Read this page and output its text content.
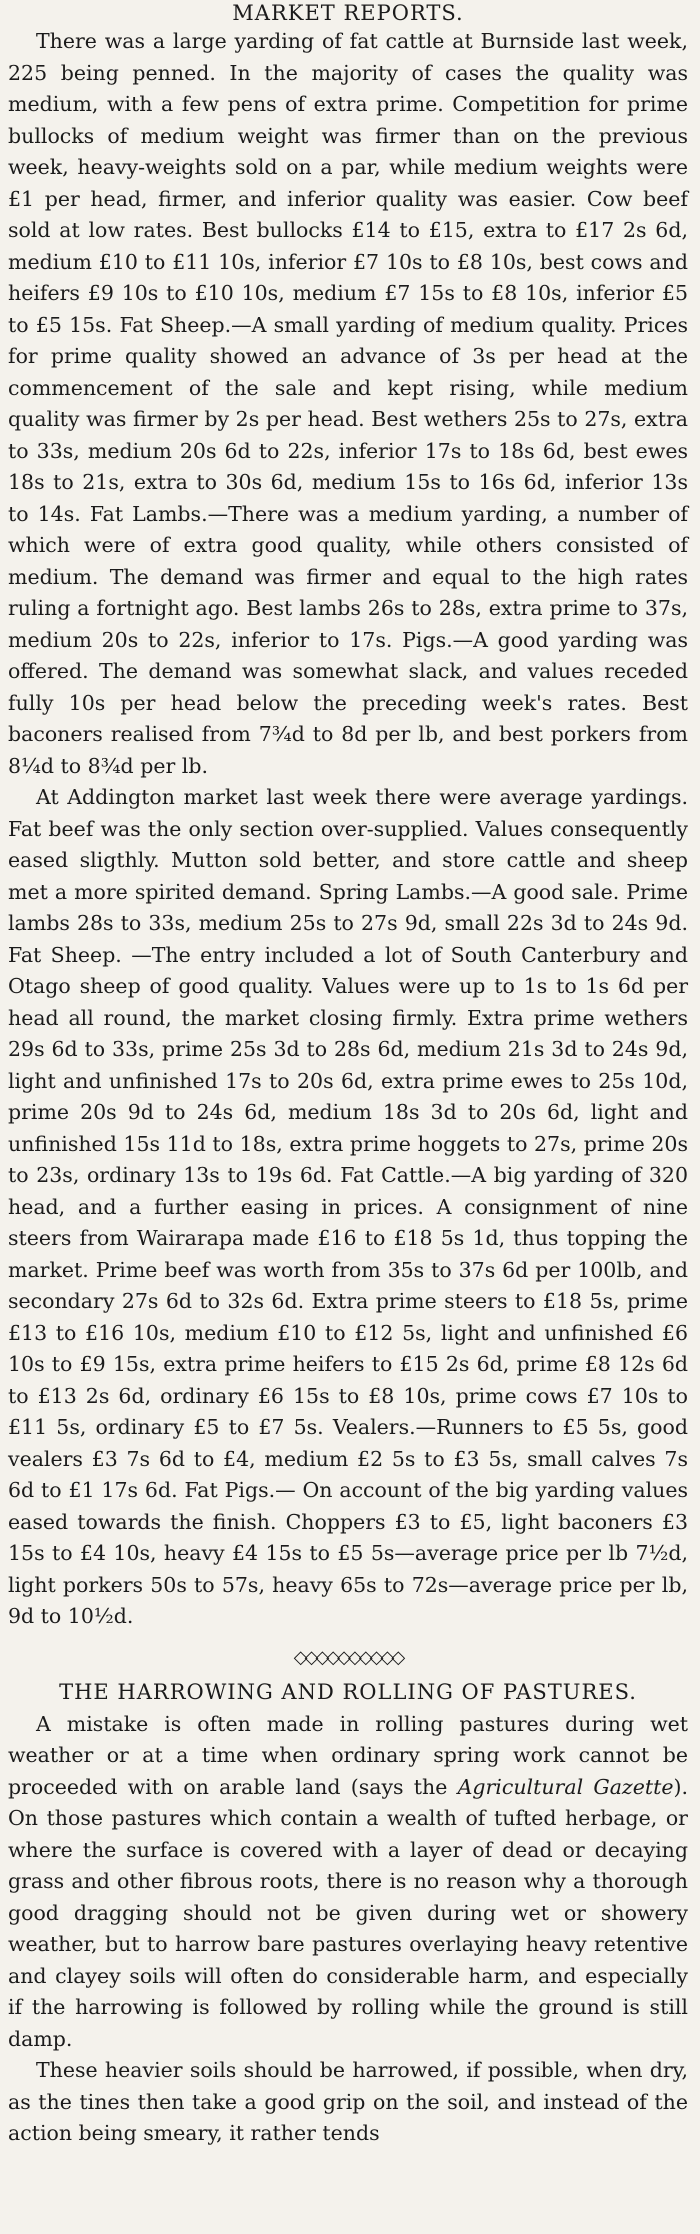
MARKET REPORTS.

There was a large yarding of fat cattle at Burnside last week, 225 being penned. In the majority of cases the quality was medium, with a few pens of extra prime. Competition for prime bullocks of medium weight was firmer than on the previous week, heavy-weights sold on a par, while medium weights were £1 per head, firmer, and inferior quality was easier. Cow beef sold at low rates. Best bullocks £14 to £15, extra to £17 2s 6d, medium £10 to £11 10s, inferior £7 10s to £8 10s, best cows and heifers £9 10s to £10 10s, medium £7 15s to £8 10s, inferior £5 to £5 15s. Fat Sheep.—A small yarding of medium quality. Prices for prime quality showed an advance of 3s per head at the commencement of the sale and kept rising, while medium quality was firmer by 2s per head. Best wethers 25s to 27s, extra to 33s, medium 20s 6d to 22s, inferior 17s to 18s 6d, best ewes 18s to 21s, extra to 30s 6d, medium 15s to 16s 6d, inferior 13s to 14s. Fat Lambs.—There was a medium yarding, a number of which were of extra good quality, while others consisted of medium. The demand was firmer and equal to the high rates ruling a fortnight ago. Best lambs 26s to 28s, extra prime to 37s, medium 20s to 22s, inferior to 17s. Pigs.—A good yarding was offered. The demand was somewhat slack, and values receded fully 10s per head below the preceding week's rates. Best baconers realised from 7¾d to 8d per lb, and best porkers from 8¼d to 8¾d per lb.

At Addington market last week there were average yardings. Fat beef was the only section over-supplied. Values consequently eased sligthly. Mutton sold better, and store cattle and sheep met a more spirited demand. Spring Lambs.—A good sale. Prime lambs 28s to 33s, medium 25s to 27s 9d, small 22s 3d to 24s 9d. Fat Sheep. —The entry included a lot of South Canterbury and Otago sheep of good quality. Values were up to 1s to 1s 6d per head all round, the market closing firmly. Extra prime wethers 29s 6d to 33s, prime 25s 3d to 28s 6d, medium 21s 3d to 24s 9d, light and unfinished 17s to 20s 6d, extra prime ewes to 25s 10d, prime 20s 9d to 24s 6d, medium 18s 3d to 20s 6d, light and unfinished 15s 11d to 18s, extra prime hoggets to 27s, prime 20s to 23s, ordinary 13s to 19s 6d. Fat Cattle.—A big yarding of 320 head, and a further easing in prices. A consignment of nine steers from Wairarapa made £16 to £18 5s 1d, thus topping the market. Prime beef was worth from 35s to 37s 6d per 100lb, and secondary 27s 6d to 32s 6d. Extra prime steers to £18 5s, prime £13 to £16 10s, medium £10 to £12 5s, light and unfinished £6 10s to £9 15s, extra prime heifers to £15 2s 6d, prime £8 12s 6d to £13 2s 6d, ordinary £6 15s to £8 10s, prime cows £7 10s to £11 5s, ordinary £5 to £7 5s. Vealers.—Runners to £5 5s, good vealers £3 7s 6d to £4, medium £2 5s to £3 5s, small calves 7s 6d to £1 17s 6d. Fat Pigs.— On account of the big yarding values eased towards the finish. Choppers £3 to £5, light baconers £3 15s to £4 10s, heavy £4 15s to £5 5s—average price per lb 7½d, light porkers 50s to 57s, heavy 65s to 72s—average price per lb, 9d to 10½d.

◇◇◇◇◇◇◇◇◇◇
THE HARROWING AND ROLLING OF PASTURES.

A mistake is often made in rolling pastures during wet weather or at a time when ordinary spring work cannot be proceeded with on arable land (says the Agricultural Gazette). On those pastures which contain a wealth of tufted herbage, or where the surface is covered with a layer of dead or decaying grass and other fibrous roots, there is no reason why a thorough good dragging should not be given during wet or showery weather, but to harrow bare pastures overlaying heavy retentive and clayey soils will often do considerable harm, and especially if the harrowing is followed by rolling while the ground is still damp.

These heavier soils should be harrowed, if possible, when dry, as the tines then take a good grip on the soil, and instead of the action being smeary, it rather tends
